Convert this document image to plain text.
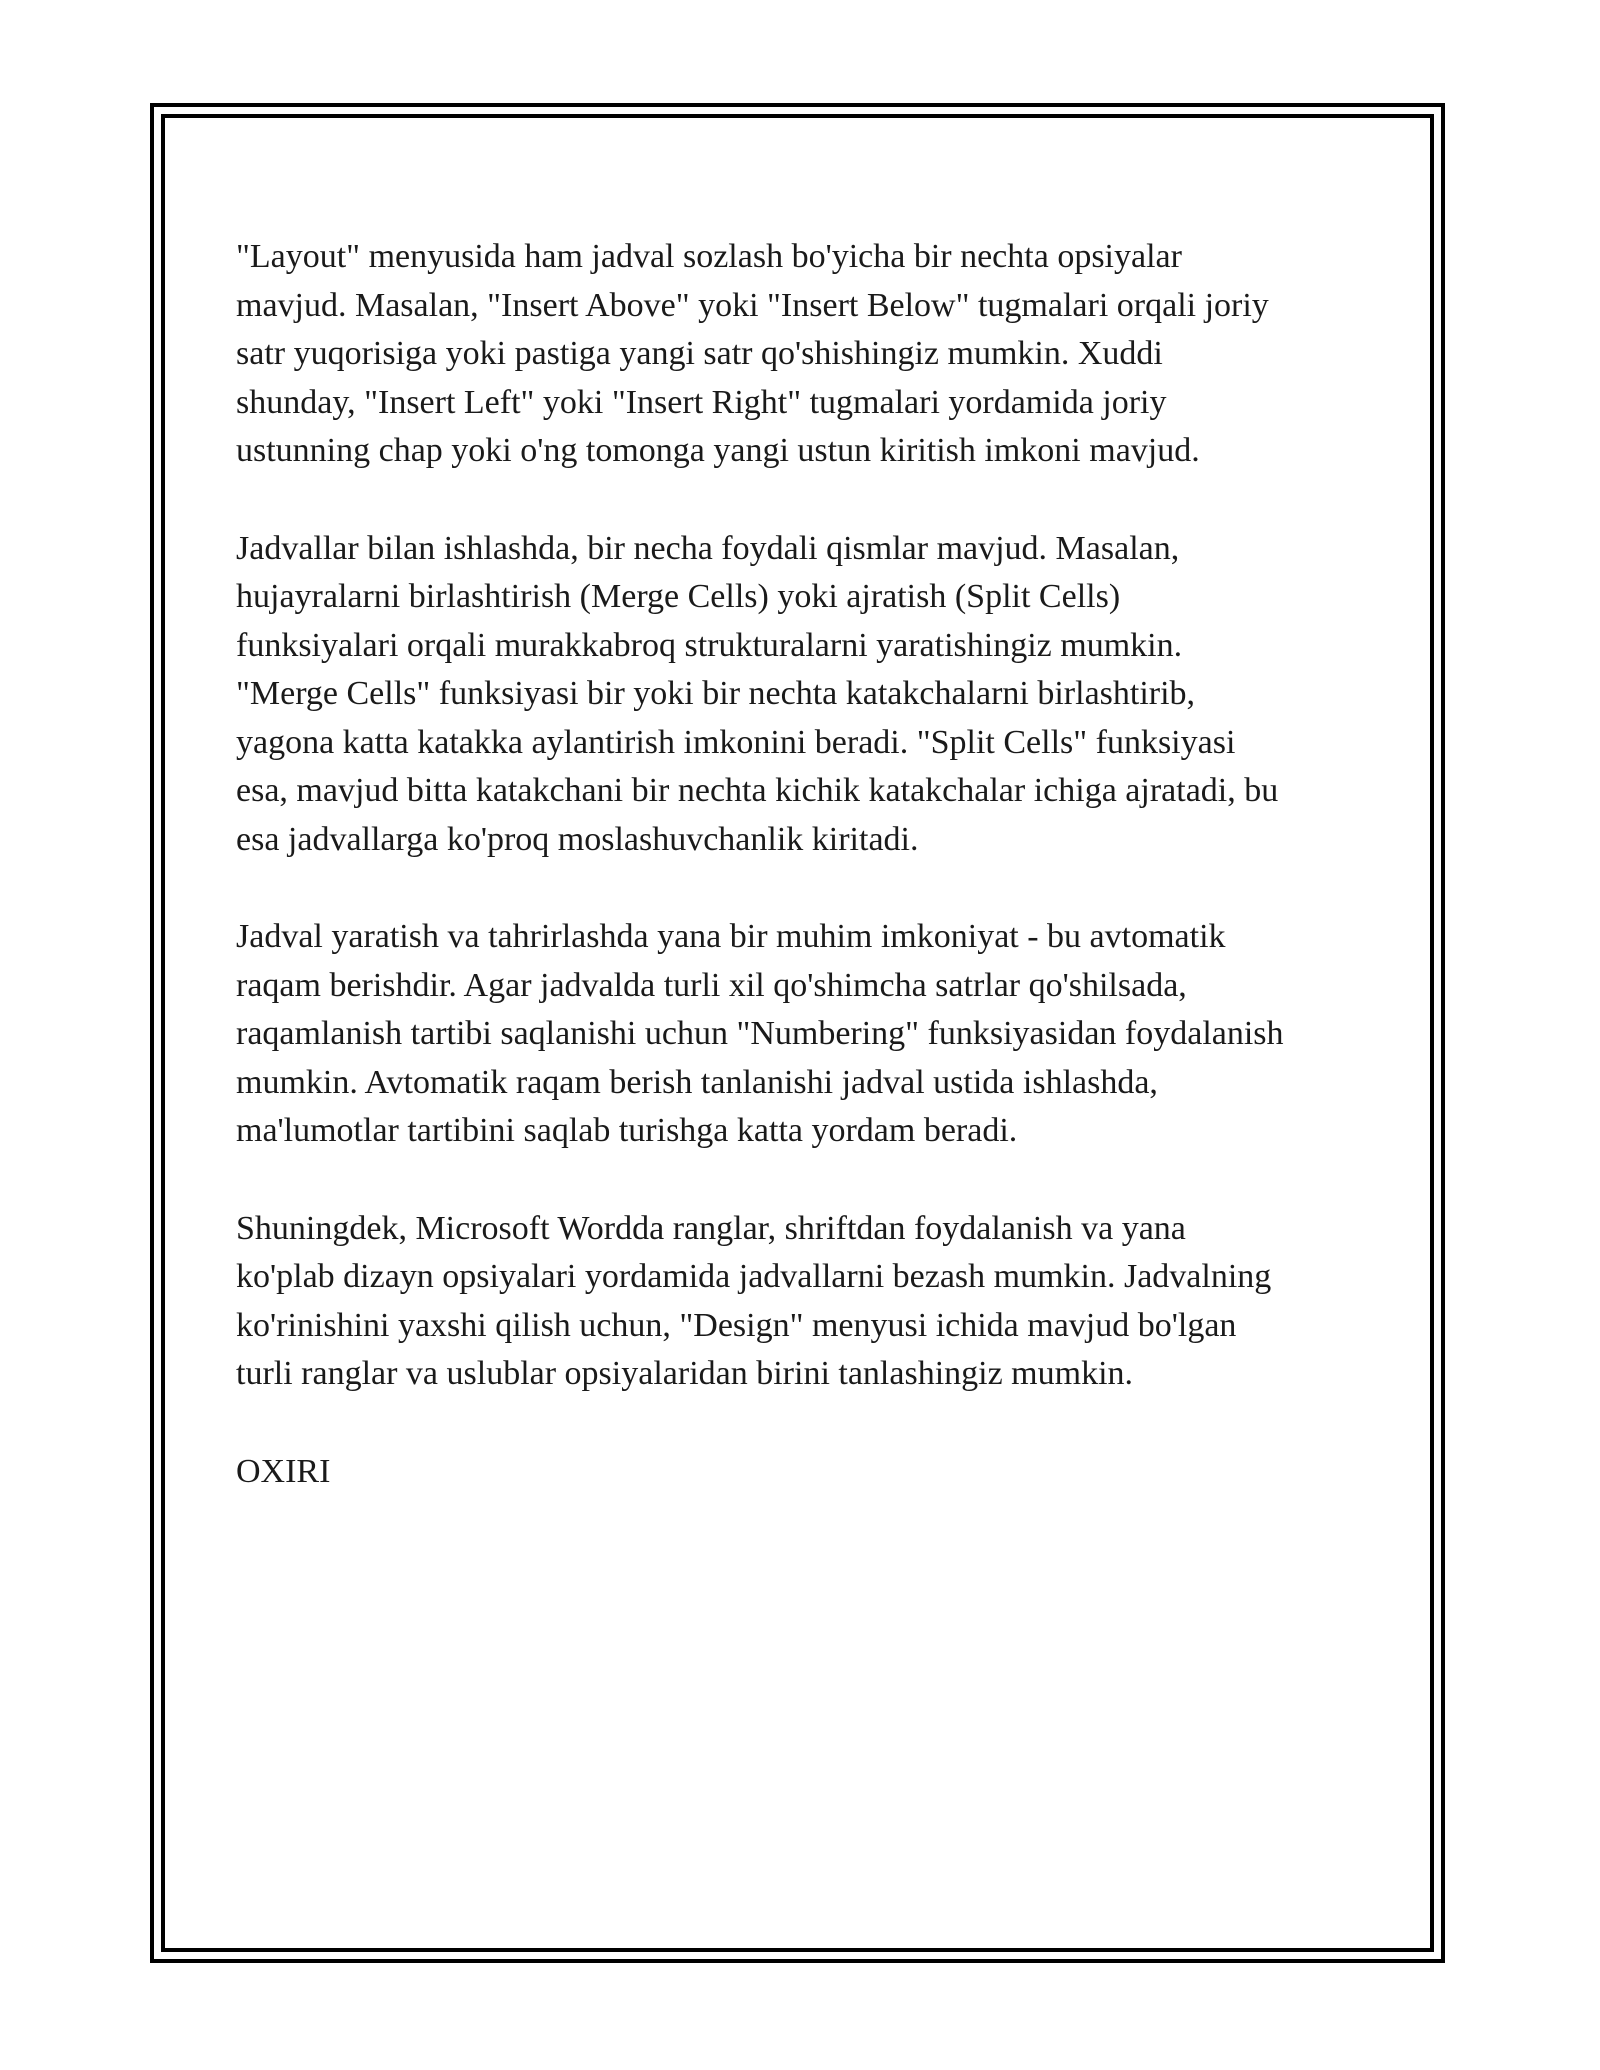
"Layout" menyusida ham jadval sozlash bo'yicha bir nechta opsiyalar
mavjud. Masalan, "Insert Above" yoki "Insert Below" tugmalari orqali joriy
satr yuqorisiga yoki pastiga yangi satr qo'shishingiz mumkin. Xuddi
shunday, "Insert Left" yoki "Insert Right" tugmalari yordamida joriy
ustunning chap yoki o'ng tomonga yangi ustun kiritish imkoni mavjud.

Jadvallar bilan ishlashda, bir necha foydali qismlar mavjud. Masalan,
hujayralarni birlashtirish (Merge Cells) yoki ajratish (Split Cells)
funksiyalari orqali murakkabroq strukturalarni yaratishingiz mumkin.
"Merge Cells" funksiyasi bir yoki bir nechta katakchalarni birlashtirib,
yagona katta katakka aylantirish imkonini beradi. "Split Cells" funksiyasi
esa, mavjud bitta katakchani bir nechta kichik katakchalar ichiga ajratadi, bu
esa jadvallarga ko'proq moslashuvchanlik kiritadi.

Jadval yaratish va tahrirlashda yana bir muhim imkoniyat - bu avtomatik
raqam berishdir. Agar jadvalda turli xil qo'shimcha satrlar qo'shilsada,
raqamlanish tartibi saqlanishi uchun "Numbering" funksiyasidan foydalanish
mumkin. Avtomatik raqam berish tanlanishi jadval ustida ishlashda,
ma'lumotlar tartibini saqlab turishga katta yordam beradi.

Shuningdek, Microsoft Wordda ranglar, shriftdan foydalanish va yana
ko'plab dizayn opsiyalari yordamida jadvallarni bezash mumkin. Jadvalning
ko'rinishini yaxshi qilish uchun, "Design" menyusi ichida mavjud bo'lgan
turli ranglar va uslublar opsiyalaridan birini tanlashingiz mumkin.

OXIRI
